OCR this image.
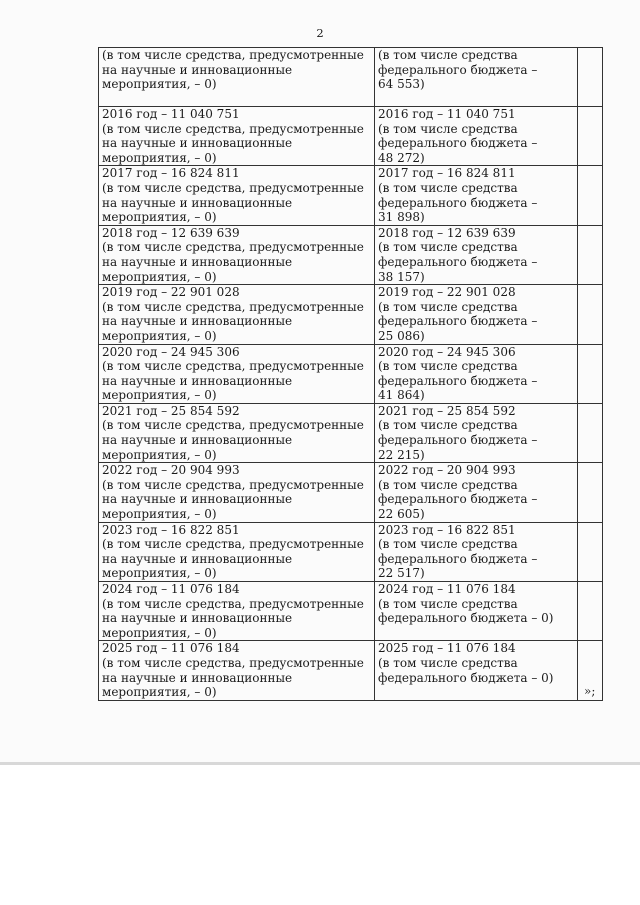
2
(в том числе средства, предусмотренные
на научные и инновационные
мероприятия, – 0)	(в том числе средства
федерального бюджета –
64 553)	

2016 год – 11 040 751
(в том числе средства, предусмотренные
на научные и инновационные
мероприятия, – 0)	2016 год – 11 040 751
(в том числе средства
федерального бюджета –
48 272)	

2017 год – 16 824 811
(в том числе средства, предусмотренные
на научные и инновационные
мероприятия, – 0)	2017 год – 16 824 811
(в том числе средства
федерального бюджета –
31 898)	

2018 год – 12 639 639
(в том числе средства, предусмотренные
на научные и инновационные
мероприятия, – 0)	2018 год – 12 639 639
(в том числе средства
федерального бюджета –
38 157)	

2019 год – 22 901 028
(в том числе средства, предусмотренные
на научные и инновационные
мероприятия, – 0)	2019 год – 22 901 028
(в том числе средства
федерального бюджета –
25 086)	

2020 год – 24 945 306
(в том числе средства, предусмотренные
на научные и инновационные
мероприятия, – 0)	2020 год – 24 945 306
(в том числе средства
федерального бюджета –
41 864)	

2021 год – 25 854 592
(в том числе средства, предусмотренные
на научные и инновационные
мероприятия, – 0)	2021 год – 25 854 592
(в том числе средства
федерального бюджета –
22 215)	

2022 год – 20 904 993
(в том числе средства, предусмотренные
на научные и инновационные
мероприятия, – 0)	2022 год – 20 904 993
(в том числе средства
федерального бюджета –
22 605)	

2023 год – 16 822 851
(в том числе средства, предусмотренные
на научные и инновационные
мероприятия, – 0)	2023 год – 16 822 851
(в том числе средства
федерального бюджета –
22 517)	

2024 год – 11 076 184
(в том числе средства, предусмотренные
на научные и инновационные
мероприятия, – 0)	2024 год – 11 076 184
(в том числе средства
федерального бюджета – 0)	

2025 год – 11 076 184
(в том числе средства, предусмотренные
на научные и инновационные
мероприятия, – 0)	2025 год – 11 076 184
(в том числе средства
федерального бюджета – 0)	

»;
